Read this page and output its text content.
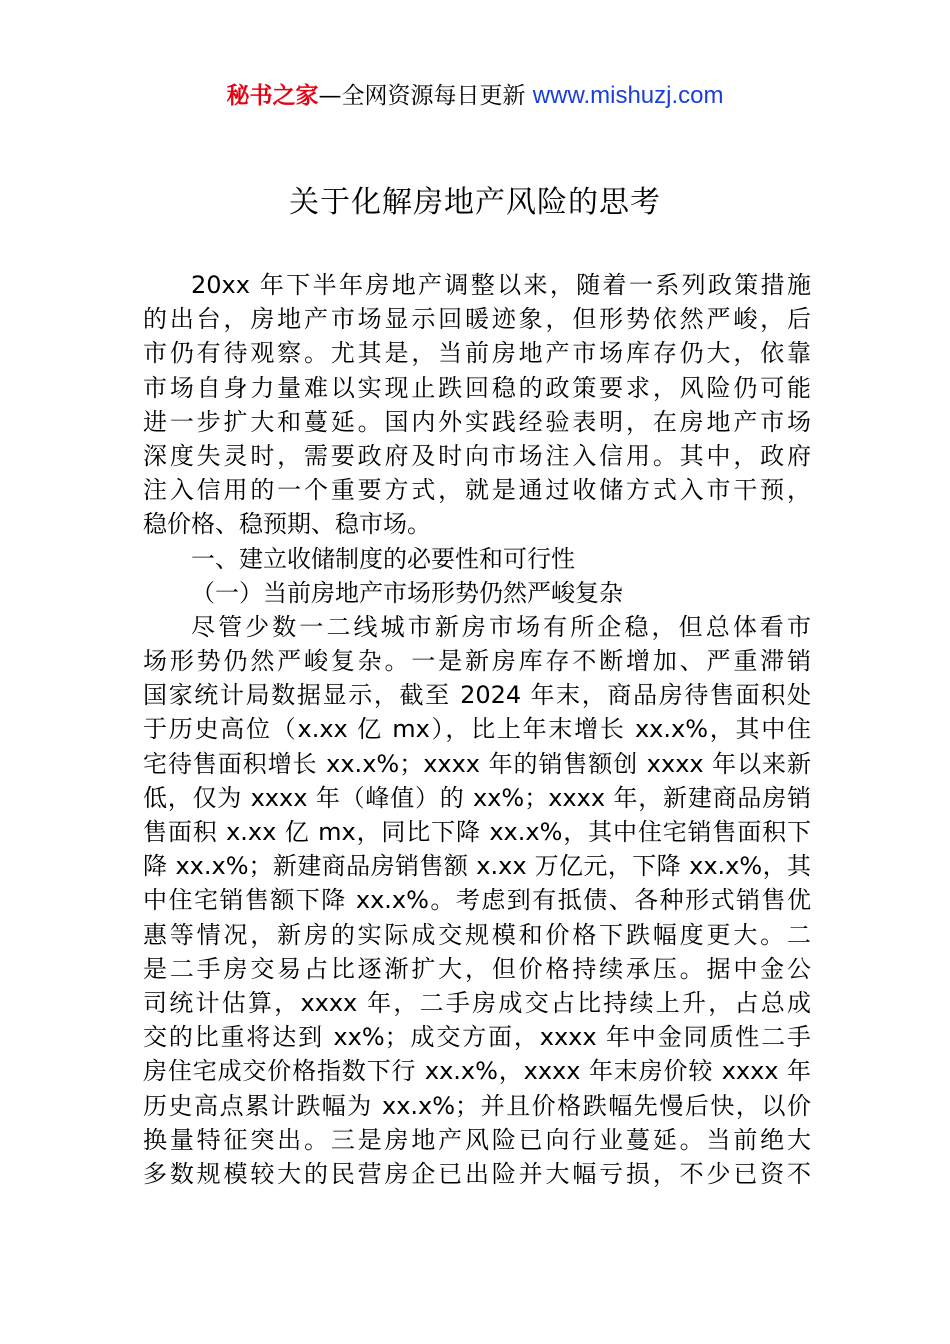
秘书之家—全网资源每日更新 www.mishuzj.com
关于化解房地产风险的思考
20xx 年下半年房地产调整以来，随着一系列政策措施
的出台，房地产市场显示回暖迹象，但形势依然严峻，后
市仍有待观察。尤其是，当前房地产市场库存仍大，依靠
市场自身力量难以实现止跌回稳的政策要求，风险仍可能
进一步扩大和蔓延。国内外实践经验表明，在房地产市场
深度失灵时，需要政府及时向市场注入信用。其中，政府
注入信用的一个重要方式，就是通过收储方式入市干预，
稳价格、稳预期、稳市场。
一、建立收储制度的必要性和可行性
（一）当前房地产市场形势仍然严峻复杂
尽管少数一二线城市新房市场有所企稳，但总体看市
场形势仍然严峻复杂。一是新房库存不断增加、严重滞销
国家统计局数据显示，截至 2024 年末，商品房待售面积处
于历史高位（x.xx 亿 mx），比上年末增长 xx.x%，其中住
宅待售面积增长 xx.x%；xxxx 年的销售额创 xxxx 年以来新
低，仅为 xxxx 年（峰值）的 xx%；xxxx 年，新建商品房销
售面积 x.xx 亿 mx，同比下降 xx.x%，其中住宅销售面积下
降 xx.x%；新建商品房销售额 x.xx 万亿元，下降 xx.x%，其
中住宅销售额下降 xx.x%。考虑到有抵债、各种形式销售优
惠等情况，新房的实际成交规模和价格下跌幅度更大。二
是二手房交易占比逐渐扩大，但价格持续承压。据中金公
司统计估算，xxxx 年，二手房成交占比持续上升，占总成
交的比重将达到 xx%；成交方面，xxxx 年中金同质性二手
房住宅成交价格指数下行 xx.x%，xxxx 年末房价较 xxxx 年
历史高点累计跌幅为 xx.x%；并且价格跌幅先慢后快，以价
换量特征突出。三是房地产风险已向行业蔓延。当前绝大
多数规模较大的民营房企已出险并大幅亏损，不少已资不
